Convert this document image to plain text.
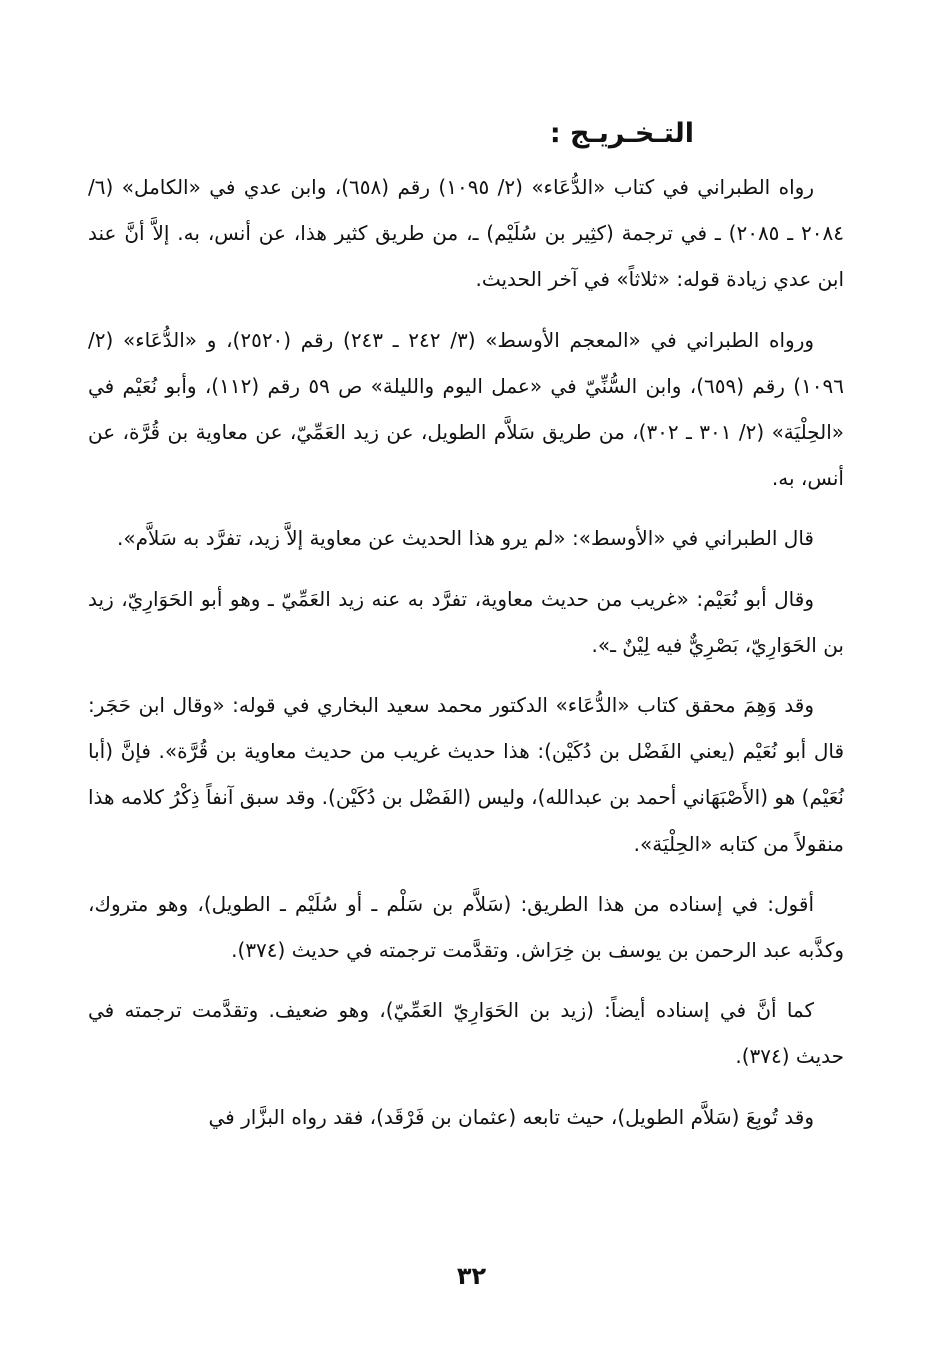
التـخـريـج :

رواه الطبراني في كتاب «الدُّعَاء» (٢/ ١٠٩٥) رقم (٦٥٨)، وابن عدي في «الكامل» (٦/ ٢٠٨٤ ـ ٢٠٨٥) ـ في ترجمة (كثِير بن سُلَيْم) ـ، من طريق كثير هذا، عن أنس، به. إلاَّ أنَّ عند ابن عدي زيادة قوله: «ثلاثاً» في آخر الحديث.

ورواه الطبراني في «المعجم الأوسط» (٣/ ٢٤٢ ـ ٢٤٣) رقم (٢٥٢٠)، و «الدُّعَاء» (٢/ ١٠٩٦) رقم (٦٥٩)، وابن السُّنِّيّ في «عمل اليوم والليلة» ص ٥٩ رقم (١١٢)، وأبو نُعَيْم في «الحِلْيَة» (٢/ ٣٠١ ـ ٣٠٢)، من طريق سَلاَّم الطويل، عن زيد العَمِّيّ، عن معاوية بن قُرَّة، عن أنس، به.

قال الطبراني في «الأوسط»: «لم يرو هذا الحديث عن معاوية إلاَّ زيد، تفرَّد به سَلاَّم».

وقال أبو نُعَيْم: «غريب من حديث معاوية، تفرَّد به عنه زيد العَمِّيّ ـ وهو أبو الحَوَارِيّ، زيد بن الحَوَارِيّ، بَصْرِيٌّ فيه لِيْنٌ ـ».

وقد وَهِمَ محقق كتاب «الدُّعَاء» الدكتور محمد سعيد البخاري في قوله: «وقال ابن حَجَر: قال أبو نُعَيْم (يعني الفَضْل بن دُكَيْن): هذا حديث غريب من حديث معاوية بن قُرَّة». فإنَّ (أبا نُعَيْم) هو (الأَصْبَهَاني أحمد بن عبدالله)، وليس (الفَضْل بن دُكَيْن). وقد سبق آنفاً ذِكْرُ كلامه هذا منقولاً من كتابه «الحِلْيَة».

أقول: في إسناده من هذا الطريق: (سَلاَّم بن سَلْم ـ أو سُلَيْم ـ الطويل)، وهو متروك، وكذَّبه عبد الرحمن بن يوسف بن خِرَاش. وتقدَّمت ترجمته في حديث (٣٧٤).

كما أنَّ في إسناده أيضاً: (زيد بن الحَوَارِيّ العَمِّيّ)، وهو ضعيف. وتقدَّمت ترجمته في حديث (٣٧٤).

وقد تُوبِعَ (سَلاَّم الطويل)، حيث تابعه (عثمان بن فَرْقَد)، فقد رواه البزَّار في

٣٢
